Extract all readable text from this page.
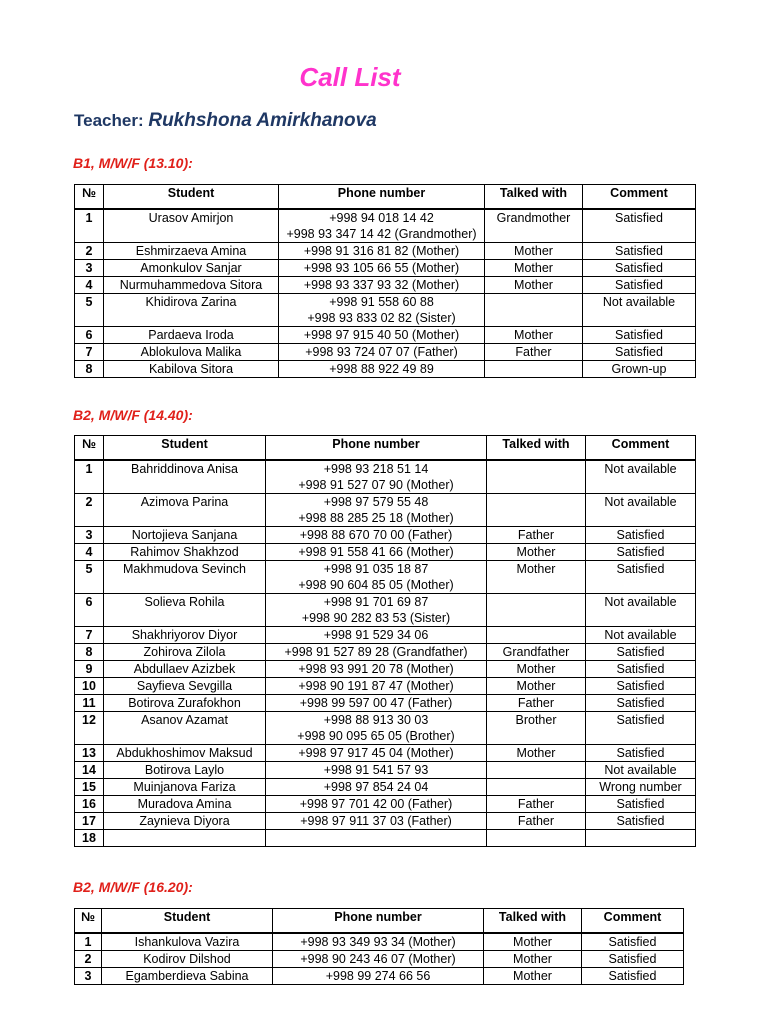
Call List
Teacher: Rukhshona Amirkhanova
B1, M/W/F (13.10):
№	Student	Phone number	Talked with	Comment
1	Urasov Amirjon	+998 94 018 14 42
+998 93 347 14 42 (Grandmother)	Grandmother	Satisfied
2	Eshmirzaeva Amina	+998 91 316 81 82 (Mother)	Mother	Satisfied
3	Amonkulov Sanjar	+998 93 105 66 55 (Mother)	Mother	Satisfied
4	Nurmuhammedova Sitora	+998 93 337 93 32 (Mother)	Mother	Satisfied
5	Khidirova Zarina	+998 91 558 60 88
+998 93 833 02 82 (Sister)		Not available
6	Pardaeva Iroda	+998 97 915 40 50 (Mother)	Mother	Satisfied
7	Ablokulova Malika	+998 93 724 07 07 (Father)	Father	Satisfied
8	Kabilova Sitora	+998 88 922 49 89		Grown-up
B2, M/W/F (14.40):
№	Student	Phone number	Talked with	Comment
1	Bahriddinova Anisa	+998 93 218 51 14
+998 91 527 07 90 (Mother)		Not available
2	Azimova Parina	+998 97 579 55 48
+998 88 285 25 18 (Mother)		Not available
3	Nortojieva Sanjana	+998 88 670 70 00 (Father)	Father	Satisfied
4	Rahimov Shakhzod	+998 91 558 41 66 (Mother)	Mother	Satisfied
5	Makhmudova Sevinch	+998 91 035 18 87
+998 90 604 85 05 (Mother)	Mother	Satisfied
6	Solieva Rohila	+998 91 701 69 87
+998 90 282 83 53 (Sister)		Not available
7	Shakhriyorov Diyor	+998 91 529 34 06		Not available
8	Zohirova Zilola	+998 91 527 89 28 (Grandfather)	Grandfather	Satisfied
9	Abdullaev Azizbek	+998 93 991 20 78 (Mother)	Mother	Satisfied
10	Sayfieva Sevgilla	+998 90 191 87 47 (Mother)	Mother	Satisfied
11	Botirova Zurafokhon	+998 99 597 00 47 (Father)	Father	Satisfied
12	Asanov Azamat	+998 88 913 30 03
+998 90 095 65 05 (Brother)	Brother	Satisfied
13	Abdukhoshimov Maksud	+998 97 917 45 04 (Mother)	Mother	Satisfied
14	Botirova Laylo	+998 91 541 57 93		Not available
15	Muinjanova Fariza	+998 97 854 24 04		Wrong number
16	Muradova Amina	+998 97 701 42 00 (Father)	Father	Satisfied
17	Zaynieva Diyora	+998 97 911 37 03 (Father)	Father	Satisfied
18				
B2, M/W/F (16.20):
№	Student	Phone number	Talked with	Comment
1	Ishankulova Vazira	+998 93 349 93 34 (Mother)	Mother	Satisfied
2	Kodirov Dilshod	+998 90 243 46 07 (Mother)	Mother	Satisfied
3	Egamberdieva Sabina	+998 99 274 66 56	Mother	Satisfied
